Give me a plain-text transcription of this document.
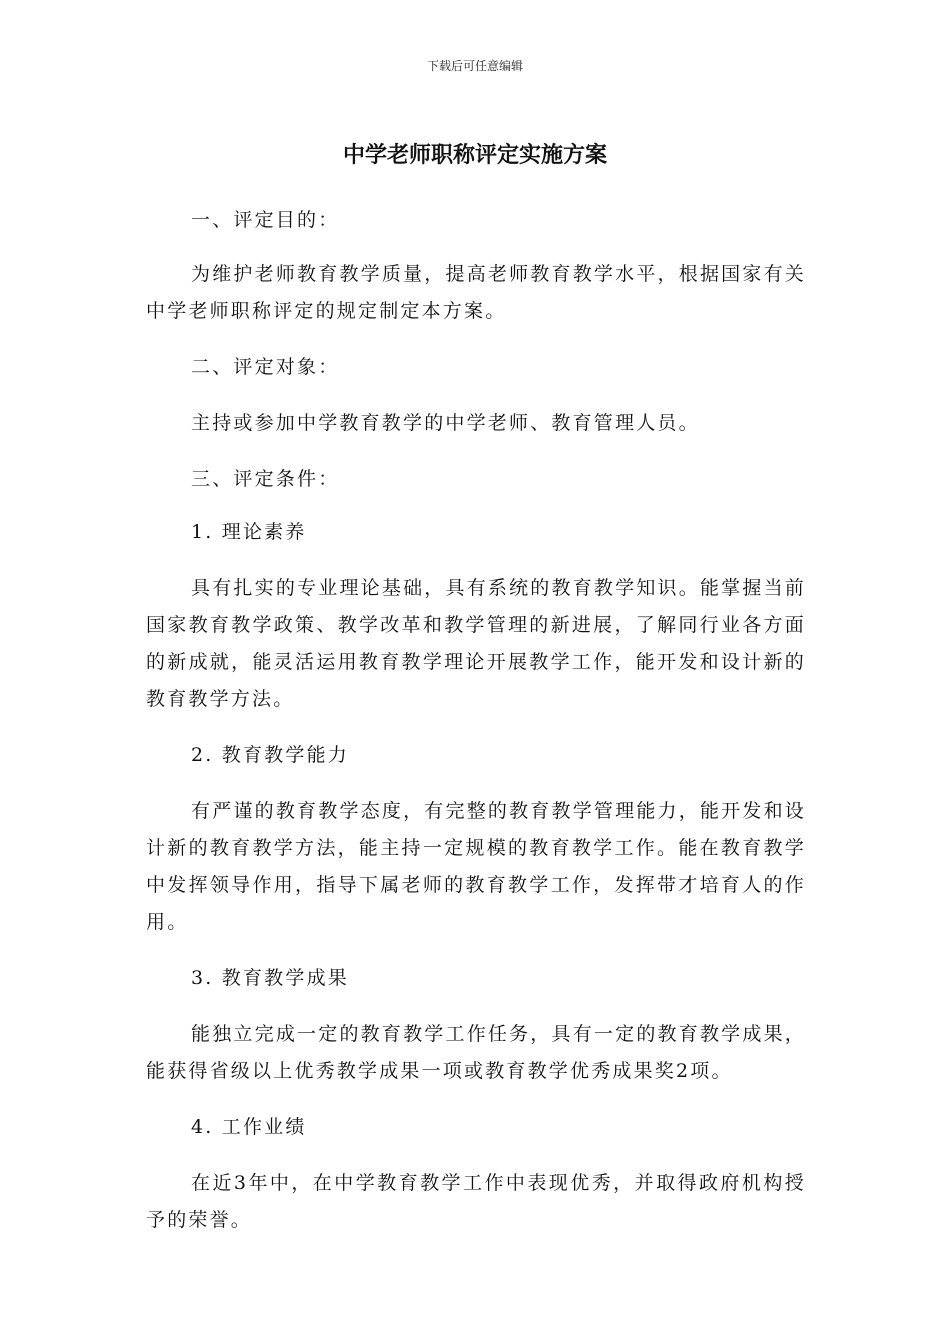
下载后可任意编辑
中学老师职称评定实施方案

一、评定目的：

为维护老师教育教学质量，提高老师教育教学水平，根据国家有关中学老师职称评定的规定制定本方案。

二、评定对象：

主持或参加中学教育教学的中学老师、教育管理人员。

三、评定条件：

1. 理论素养

具有扎实的专业理论基础，具有系统的教育教学知识。能掌握当前国家教育教学政策、教学改革和教学管理的新进展，了解同行业各方面的新成就，能灵活运用教育教学理论开展教学工作，能开发和设计新的教育教学方法。

2. 教育教学能力

有严谨的教育教学态度，有完整的教育教学管理能力，能开发和设计新的教育教学方法，能主持一定规模的教育教学工作。能在教育教学中发挥领导作用，指导下属老师的教育教学工作，发挥带才培育人的作用。

3. 教育教学成果

能独立完成一定的教育教学工作任务，具有一定的教育教学成果，能获得省级以上优秀教学成果一项或教育教学优秀成果奖2项。

4. 工作业绩

在近3年中，在中学教育教学工作中表现优秀，并取得政府机构授予的荣誉。
